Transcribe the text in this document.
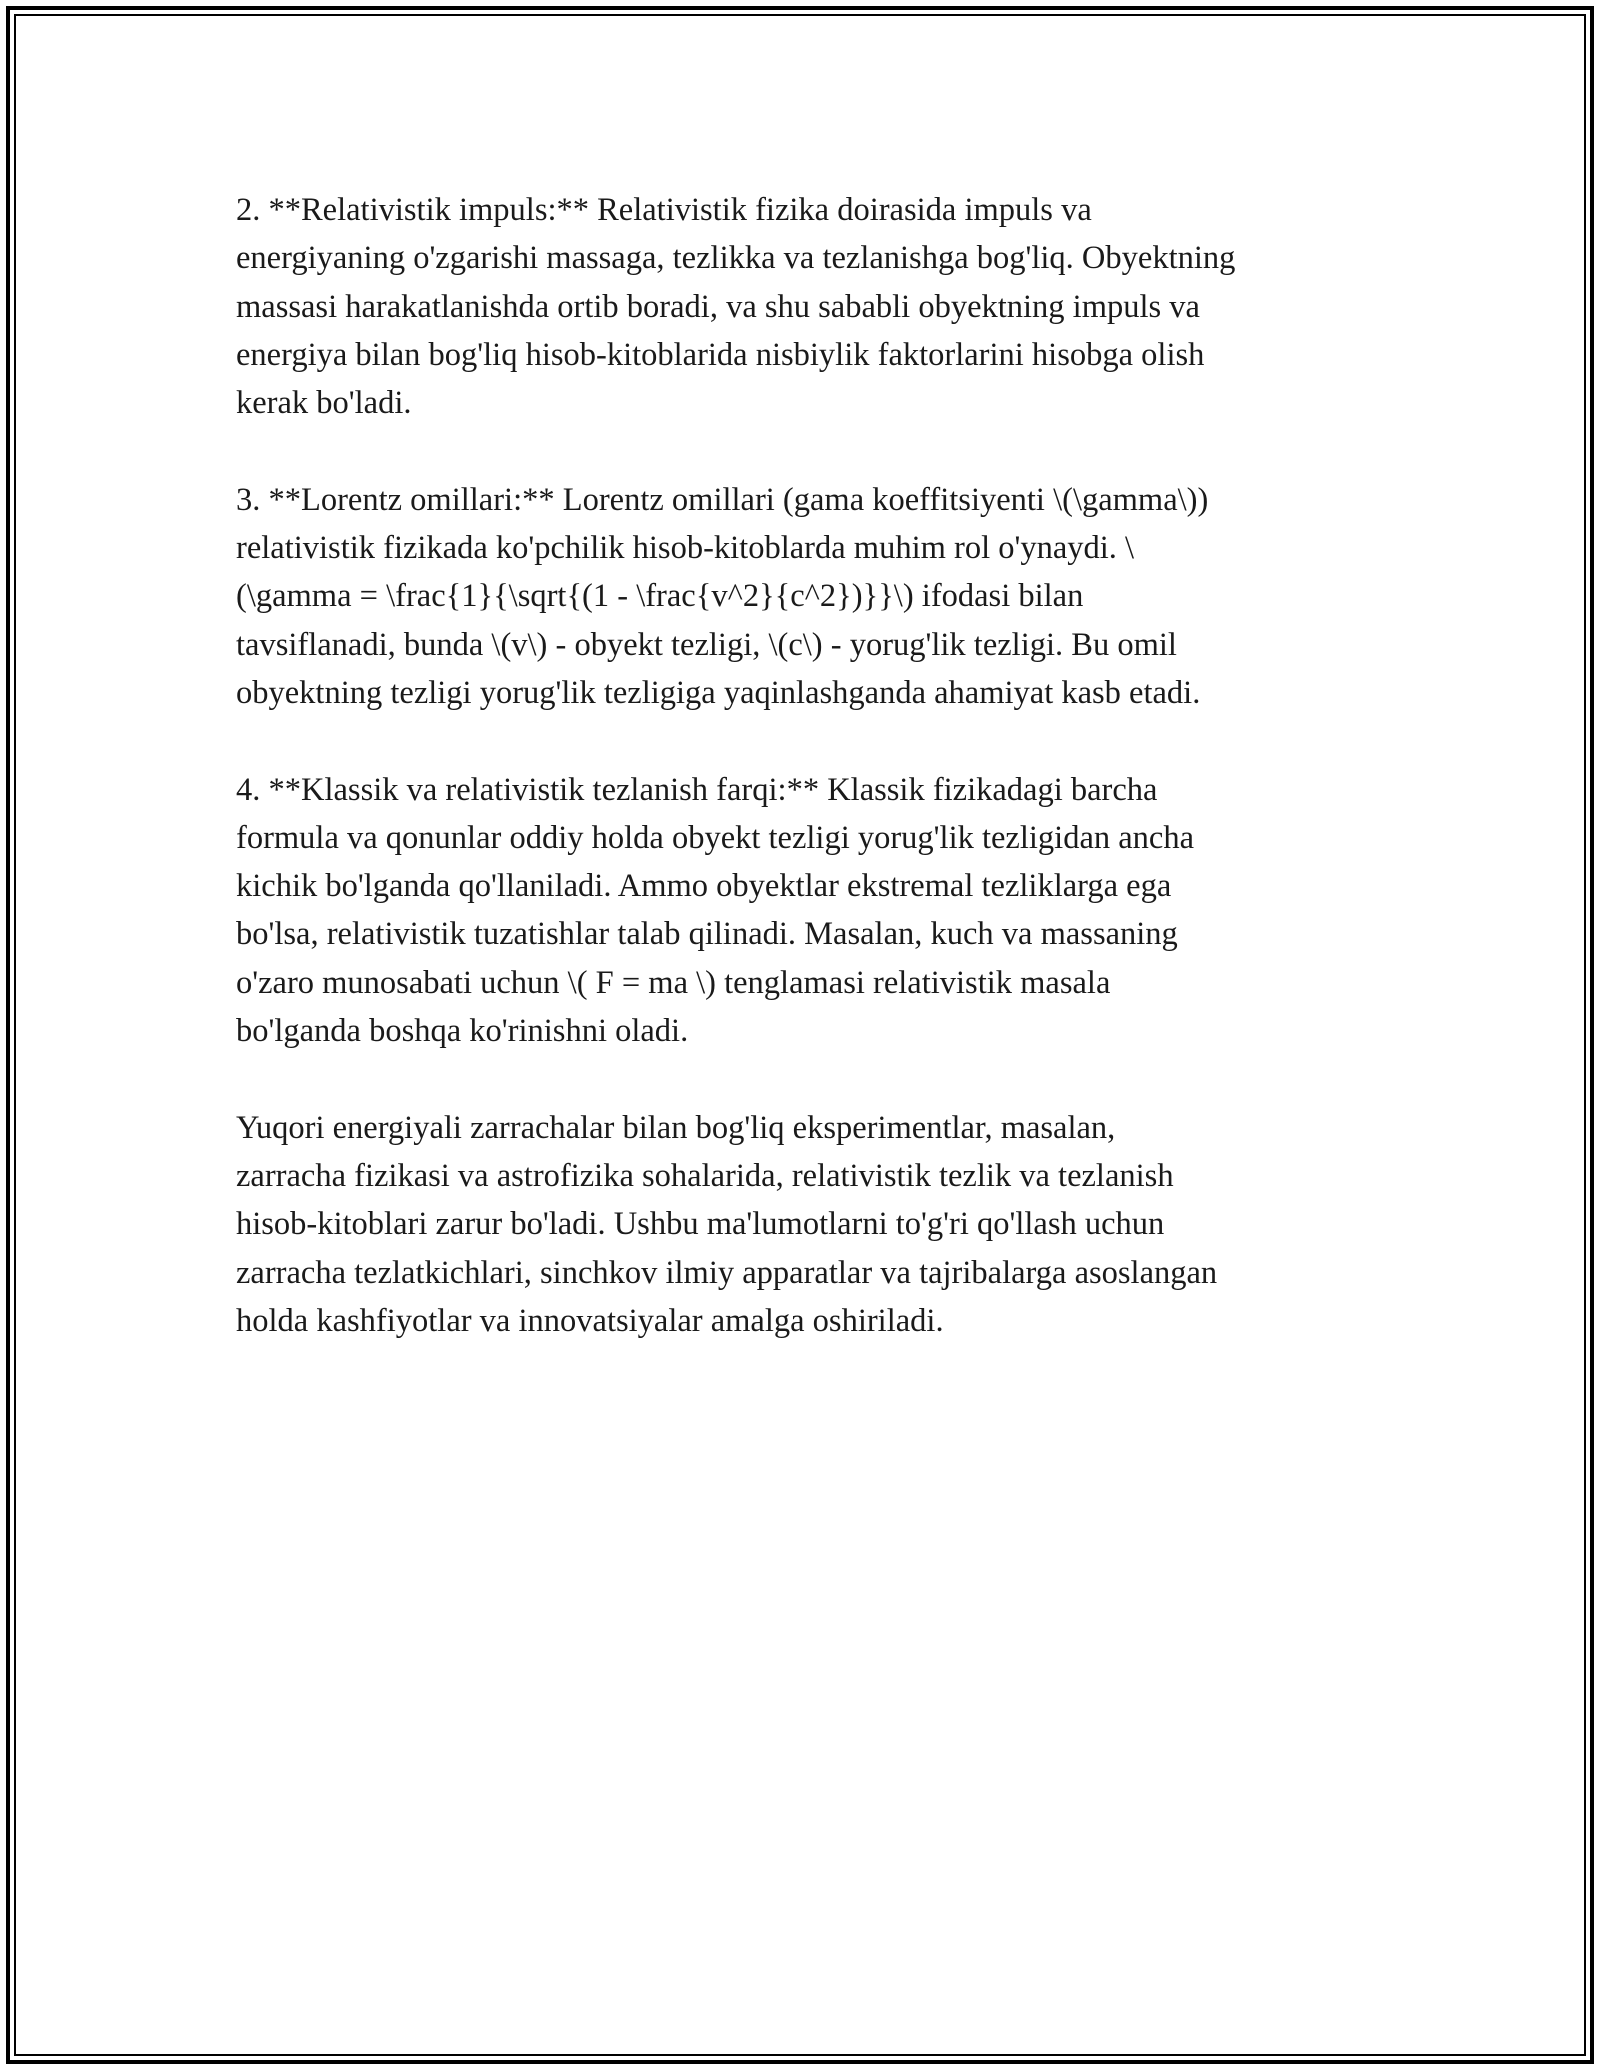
2. **Relativistik impuls:** Relativistik fizika doirasida impuls va
energiyaning o'zgarishi massaga, tezlikka va tezlanishga bog'liq. Obyektning
massasi harakatlanishda ortib boradi, va shu sababli obyektning impuls va
energiya bilan bog'liq hisob-kitoblarida nisbiylik faktorlarini hisobga olish
kerak bo'ladi.

3. **Lorentz omillari:** Lorentz omillari (gama koeffitsiyenti \(\gamma\))
relativistik fizikada ko'pchilik hisob-kitoblarda muhim rol o'ynaydi. \
(\gamma = \frac{1}{\sqrt{(1 - \frac{v^2}{c^2})}}\) ifodasi bilan
tavsiflanadi, bunda \(v\) - obyekt tezligi, \(c\) - yorug'lik tezligi. Bu omil
obyektning tezligi yorug'lik tezligiga yaqinlashganda ahamiyat kasb etadi.

4. **Klassik va relativistik tezlanish farqi:** Klassik fizikadagi barcha
formula va qonunlar oddiy holda obyekt tezligi yorug'lik tezligidan ancha
kichik bo'lganda qo'llaniladi. Ammo obyektlar ekstremal tezliklarga ega
bo'lsa, relativistik tuzatishlar talab qilinadi. Masalan, kuch va massaning
o'zaro munosabati uchun \( F = ma \) tenglamasi relativistik masala
bo'lganda boshqa ko'rinishni oladi.

Yuqori energiyali zarrachalar bilan bog'liq eksperimentlar, masalan,
zarracha fizikasi va astrofizika sohalarida, relativistik tezlik va tezlanish
hisob-kitoblari zarur bo'ladi. Ushbu ma'lumotlarni to'g'ri qo'llash uchun
zarracha tezlatkichlari, sinchkov ilmiy apparatlar va tajribalarga asoslangan
holda kashfiyotlar va innovatsiyalar amalga oshiriladi.
